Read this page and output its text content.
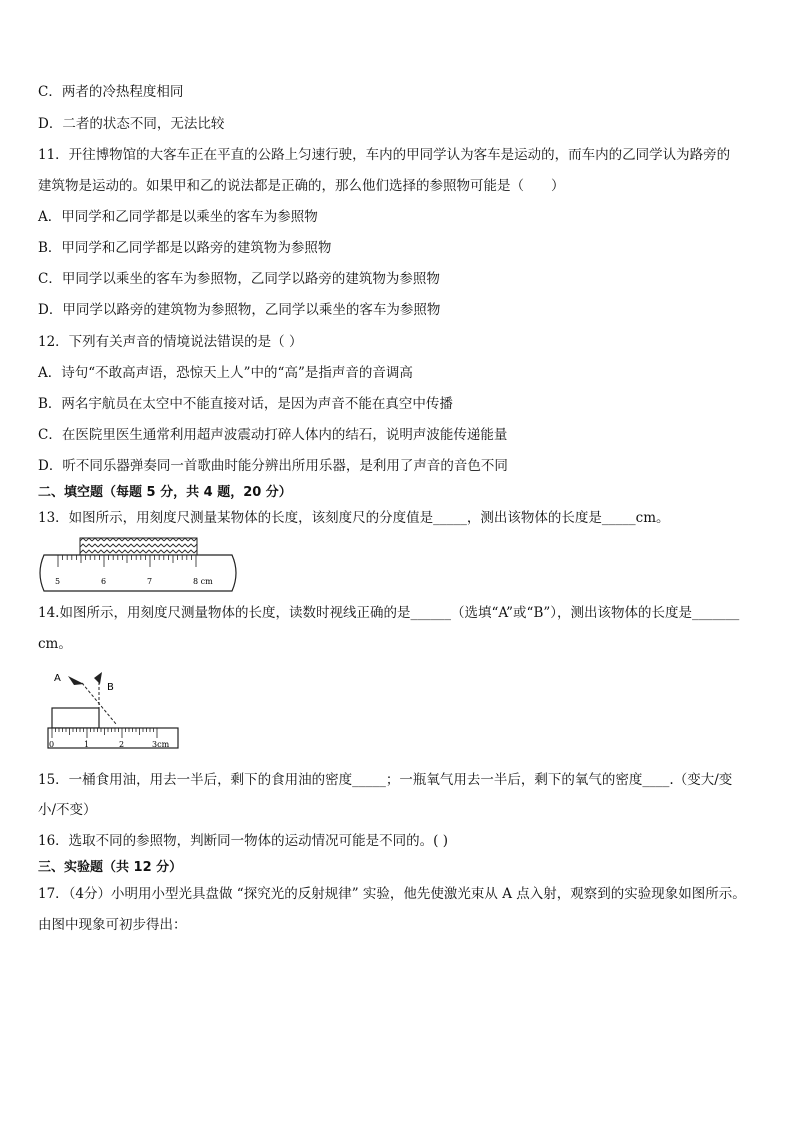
C．两者的冷热程度相同
D．二者的状态不同，无法比较
11．开往博物馆的大客车正在平直的公路上匀速行驶，车内的甲同学认为客车是运动的，而车内的乙同学认为路旁的
建筑物是运动的。如果甲和乙的说法都是正确的，那么他们选择的参照物可能是（　　）
A．甲同学和乙同学都是以乘坐的客车为参照物
B．甲同学和乙同学都是以路旁的建筑物为参照物
C．甲同学以乘坐的客车为参照物，乙同学以路旁的建筑物为参照物
D．甲同学以路旁的建筑物为参照物，乙同学以乘坐的客车为参照物
12．下列有关声音的情境说法错误的是（ ）
A．诗句“不敢高声语，恐惊天上人”中的“高”是指声音的音调高
B．两名宇航员在太空中不能直接对话，是因为声音不能在真空中传播
C．在医院里医生通常利用超声波震动打碎人体内的结石，说明声波能传递能量
D．听不同乐器弹奏同一首歌曲时能分辨出所用乐器，是利用了声音的音色不同
二、填空题（每题 5 分，共 4 题，20 分）
13．如图所示，用刻度尺测量某物体的长度，该刻度尺的分度值是_____，测出该物体的长度是_____cm。
5	6	7	8 cm
14.如图所示，用刻度尺测量物体的长度，读数时视线正确的是______（选填“A”或“B”），测出该物体的长度是_______
cm。
A
B
0	1	2	3cm
15．一桶食用油，用去一半后，剩下的食用油的密度_____；一瓶氧气用去一半后，剩下的氧气的密度____.（变大/变
小/不变）
16．选取不同的参照物，判断同一物体的运动情况可能是不同的。( )
三、实验题（共 12 分）
17．（4分）小明用小型光具盘做 “探究光的反射规律” 实验，他先使激光束从 A 点入射，观察到的实验现象如图所示。
由图中现象可初步得出：
